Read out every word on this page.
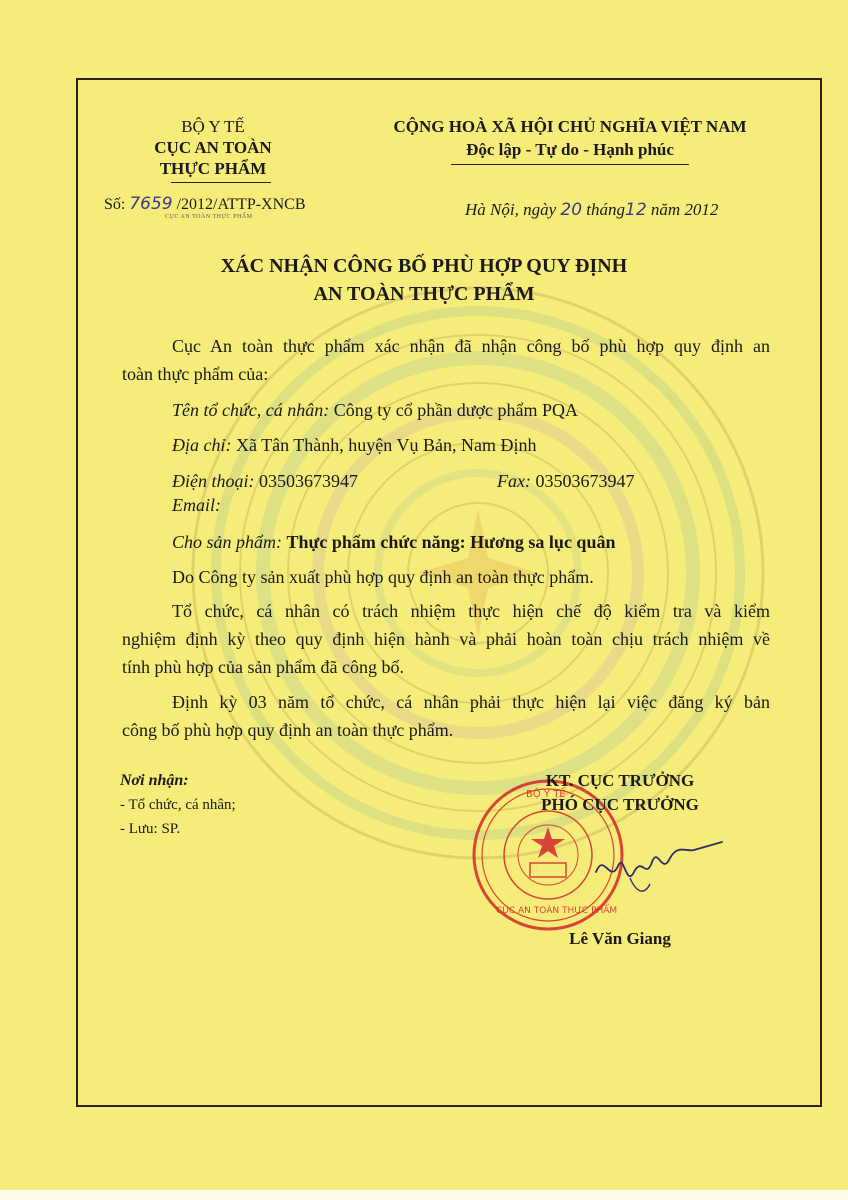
BỘ Y TẾ
CỤC AN TOÀN
THỰC PHẨM
Số: 7659 /2012/ATTP-XNCB
CỤC AN TOÀN THỰC PHẨM
CỘNG HOÀ XÃ HỘI CHỦ NGHĨA VIỆT NAM
Độc lập - Tự do - Hạnh phúc
Hà Nội, ngày 20 tháng12 năm 2012
XÁC NHẬN CÔNG BỐ PHÙ HỢP QUY ĐỊNH
AN TOÀN THỰC PHẨM
Cục An toàn thực phẩm xác nhận đã nhận công bố phù hợp quy định an
toàn thực phẩm của:
Tên tổ chức, cá nhân: Công ty cổ phần dược phẩm PQA
Địa chỉ: Xã Tân Thành, huyện Vụ Bản, Nam Định
Điện thoại: 03503673947	Fax: 03503673947
Email:
Cho sản phẩm: Thực phẩm chức năng: Hương sa lục quân
Do Công ty sản xuất phù hợp quy định an toàn thực phẩm.
Tổ chức, cá nhân có trách nhiệm thực hiện chế độ kiểm tra và kiểm
nghiệm định kỳ theo quy định hiện hành và phải hoàn toàn chịu trách nhiệm về
tính phù hợp của sản phẩm đã công bố.
Định kỳ 03 năm tổ chức, cá nhân phải thực hiện lại việc đăng ký bản
công bố phù hợp quy định an toàn thực phẩm.
Nơi nhận:
- Tổ chức, cá nhân;
- Lưu: SP.
BỘ Y TẾ
CỤC AN TOÀN THỰC PHẨM
KT. CỤC TRƯỞNG
PHÓ CỤC TRƯỞNG
Lê Văn Giang
